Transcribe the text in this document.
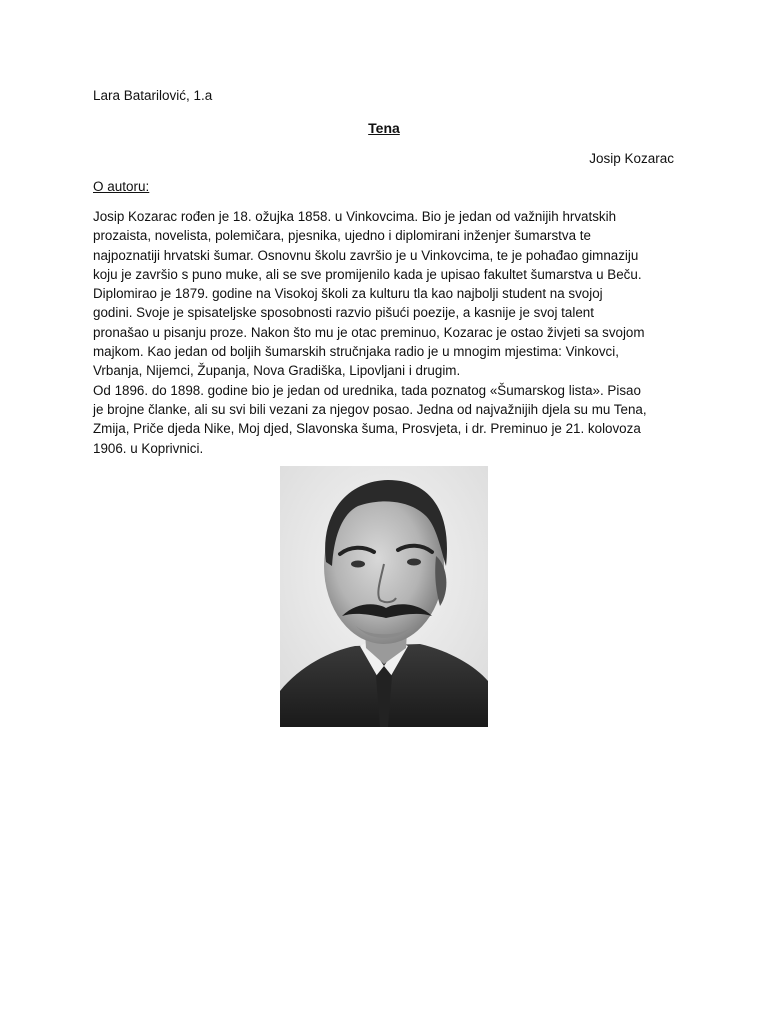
Lara Batarilović, 1.a
Tena
Josip Kozarac
O autoru:
Josip Kozarac rođen je 18. ožujka 1858. u Vinkovcima. Bio je jedan od važnijih hrvatskih
prozaista, novelista, polemičara, pjesnika, ujedno i diplomirani inženjer šumarstva te
najpoznatiji hrvatski šumar. Osnovnu školu završio je u Vinkovcima, te je pohađao gimnaziju
koju je završio s puno muke, ali se sve promijenilo kada je upisao fakultet šumarstva u Beču.
Diplomirao je 1879. godine na Visokoj školi za kulturu tla kao najbolji student na svojoj
godini. Svoje je spisateljske sposobnosti razvio pišući poezije, a kasnije je svoj talent
pronašao u pisanju proze. Nakon što mu je otac preminuo, Kozarac je ostao živjeti sa svojom
majkom. Kao jedan od boljih šumarskih stručnjaka radio je u mnogim mjestima: Vinkovci,
Vrbanja, Nijemci, Županja, Nova Gradiška, Lipovljani i drugim.
Od 1896. do 1898. godine bio je jedan od urednika, tada poznatog «Šumarskog lista». Pisao
je brojne članke, ali su svi bili vezani za njegov posao. Jedna od najvažnijih djela su mu Tena,
Zmija, Priče djeda Nike, Moj djed, Slavonska šuma, Prosvjeta, i dr. Preminuo je 21. kolovoza
1906. u Koprivnici.
